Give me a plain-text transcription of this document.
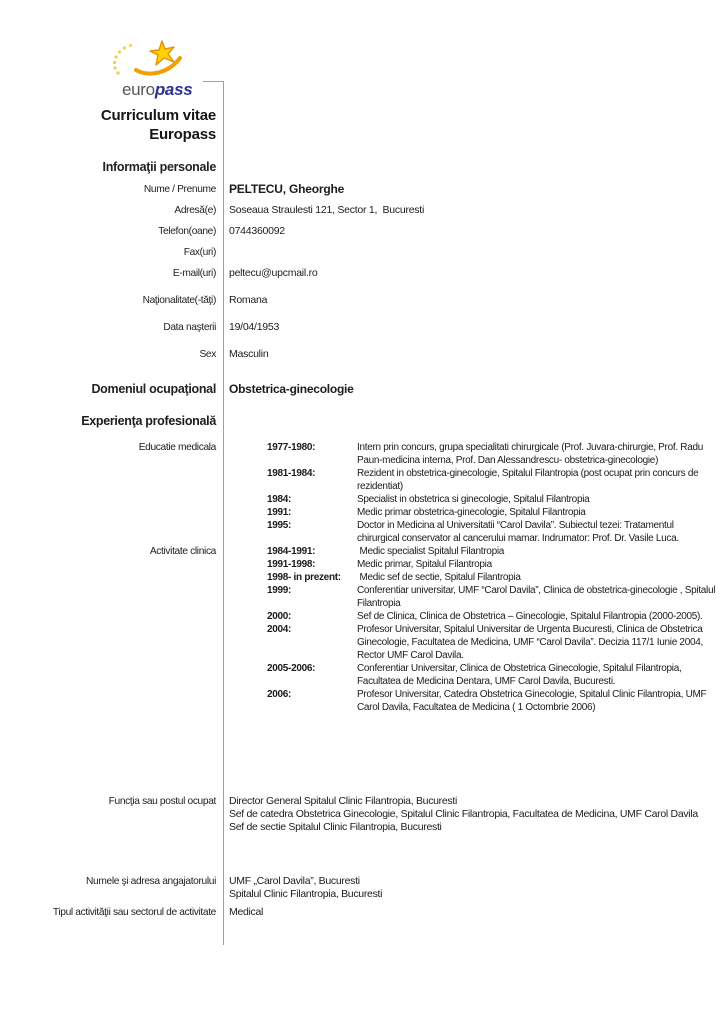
euro pass
Curriculum vitae
Europass
Informaţii personale
Nume / Prenume PELTECU, Gheorghe
Adresă(e) Soseaua Straulesti 121, Sector 1,  Bucuresti
Telefon(oane) 0744360092
Fax(uri)
E-mail(uri) peltecu@upcmail.ro
Naţionalitate(-tăţi) Romana
Data naşterii 19/04/1953
Sex Masculin
Domeniul ocupaţional Obstetrica-ginecologie
Experienţa profesională
Educatie medicala	1977-1980:	Intern prin concurs, grupa specialitati chirurgicale (Prof. Juvara-chirurgie, Prof. Radu Paun-medicina interna, Prof. Dan Alessandrescu- obstetrica-ginecologie)
1981-1984:	Rezident in obstetrica-ginecologie, Spitalul Filantropia (post ocupat prin concurs de rezidentiat)
1984:	Specialist in obstetrica si ginecologie, Spitalul Filantropia
1991:	Medic primar obstetrica-ginecologie, Spitalul Filantropia
1995:	Doctor in Medicina al Universitatii “Carol Davila”. Subiectul tezei: Tratamentul chirurgical conservator al cancerului mamar. Indrumator: Prof. Dr. Vasile Luca.
Activitate clinica	1984-1991:	Medic specialist Spitalul Filantropia
1991-1998:	Medic primar, Spitalul Filantropia
1998- in prezent:	Medic sef de sectie, Spitalul Filantropia
1999:	Conferentiar universitar, UMF “Carol Davila”, Clinica de obstetrica-ginecologie , Spitalul Filantropia
2000:	Sef de Clinica, Clinica de Obstetrica – Ginecologie, Spitalul Filantropia (2000-2005).
2004:	Profesor Universitar, Spitalul Universitar de Urgenta Bucuresti, Clinica de Obstetrica Ginecologie, Facultatea de Medicina, UMF “Carol Davila”. Decizia 117/1 Iunie 2004, Rector UMF Carol Davila.
2005-2006:	Conferentiar Universitar, Clinica de Obstetrica Ginecologie, Spitalul Filantropia, Facultatea de Medicina Dentara, UMF Carol Davila, Bucuresti.
2006:	Profesor Universitar, Catedra Obstetrica Ginecologie, Spitalul Clinic Filantropia, UMF Carol Davila, Facultatea de Medicina ( 1 Octombrie 2006)
Funcţia sau postul ocupat Director General Spitalul Clinic Filantropia, Bucuresti
Sef de catedra Obstetrica Ginecologie, Spitalul Clinic Filantropia, Facultatea de Medicina, UMF Carol Davila
Sef de sectie Spitalul Clinic Filantropia, Bucuresti
Numele şi adresa angajatorului UMF „Carol Davila”, Bucuresti
Spitalul Clinic Filantropia, Bucuresti
Tipul activităţii sau sectorul de activitate Medical
